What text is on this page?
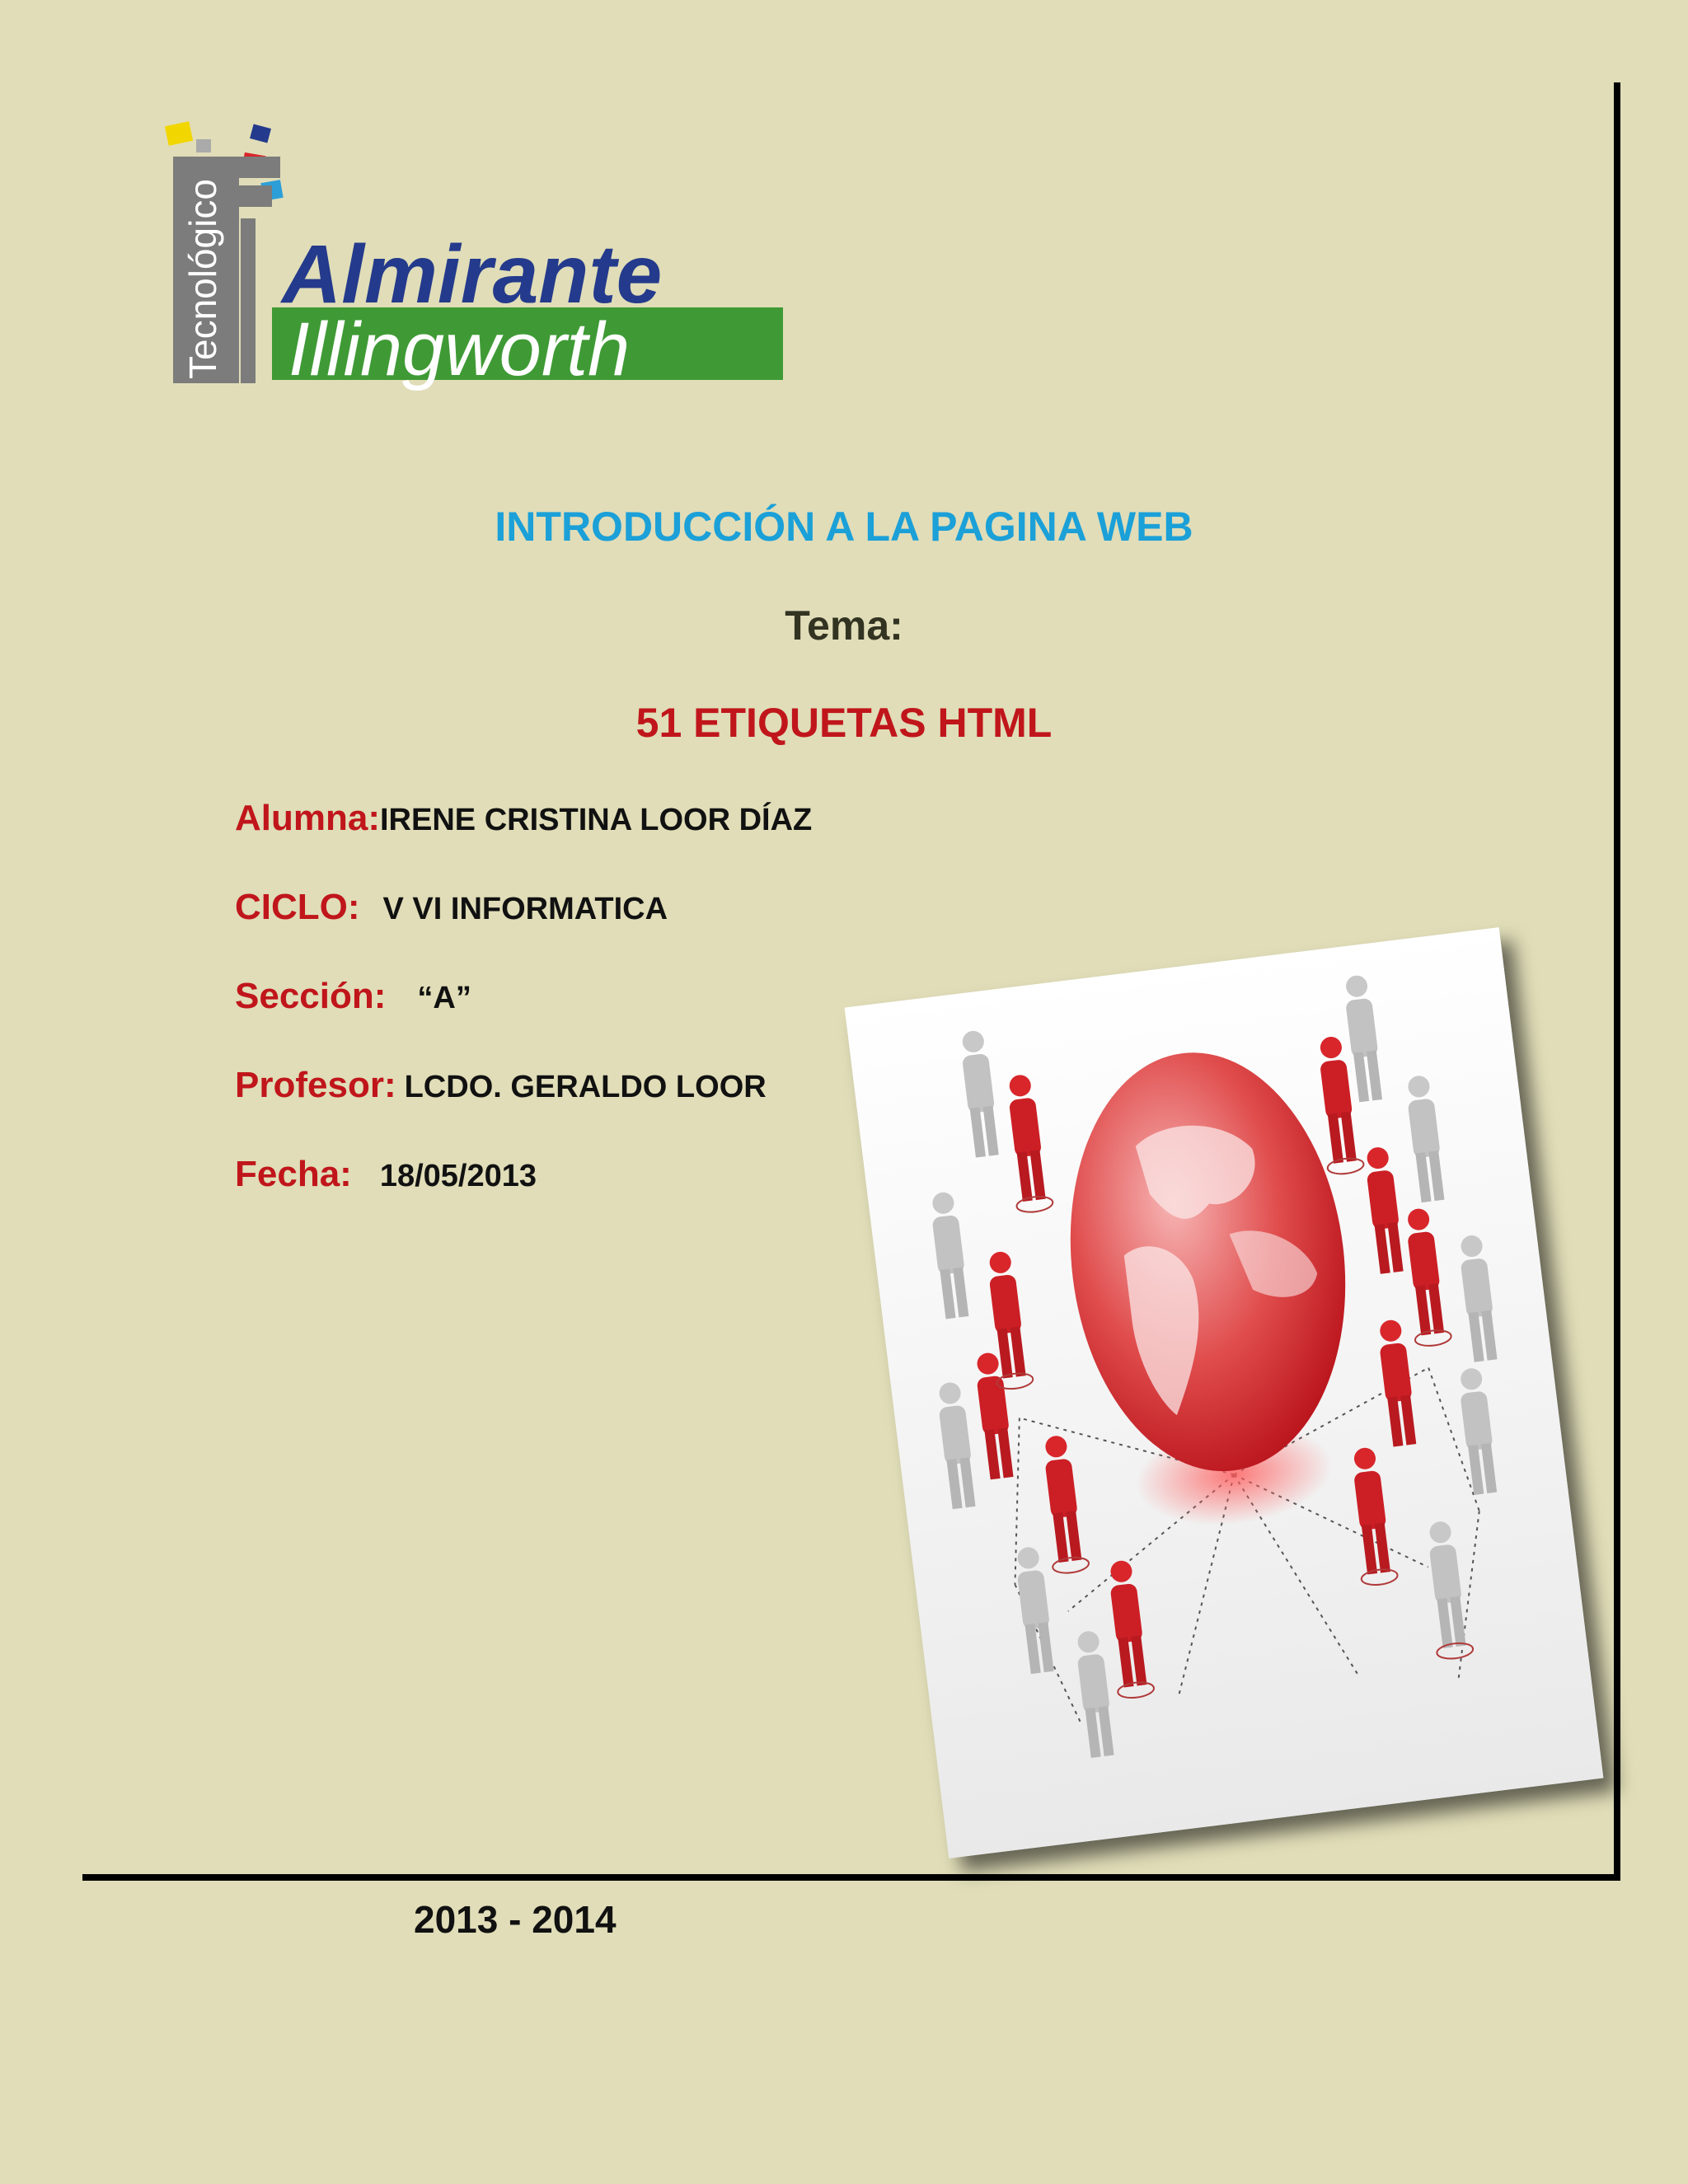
Tecnológico Almirante
Illingworth
INTRODUCCIÓN A LA PAGINA WEB
Tema:
51 ETIQUETAS HTML
Alumna:IRENE CRISTINA LOOR DÍAZ
CICLO: V VI INFORMATICA
Sección: “A”
Profesor: LCDO. GERALDO LOOR
Fecha: 18/05/2013
2013 - 2014
